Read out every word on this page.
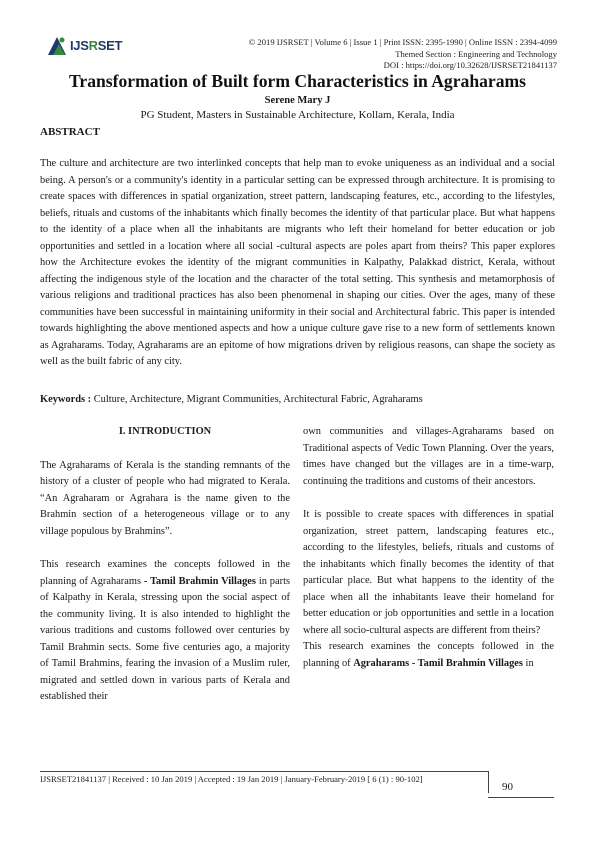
IJSRSET	© 2019 IJSRSET | Volume 6 | Issue 1 | Print ISSN: 2395-1990 | Online ISSN : 2394-4099
Themed Section : Engineering and Technology
DOI : https://doi.org/10.32628/IJSRSET21841137
Transformation of Built form Characteristics in Agraharams
Serene Mary J
PG Student, Masters in Sustainable Architecture, Kollam, Kerala, India
ABSTRACT

The culture and architecture are two interlinked concepts that help man to evoke uniqueness as an individual and a social being. A person's or a community's identity in a particular setting can be expressed through architecture. It is promising to create spaces with differences in spatial organization, street pattern, landscaping features, etc., according to the lifestyles, beliefs, rituals and customs of the inhabitants which finally becomes the identity of that particular place. But what happens to the identity of a place when all the inhabitants are migrants who left their homeland for better education or job opportunities and settled in a location where all social -cultural aspects are poles apart from theirs? This paper explores how the Architecture evokes the identity of the migrant communities in Kalpathy, Palakkad district, Kerala, without affecting the indigenous style of the location and the character of the total setting. This synthesis and metamorphosis of various religions and traditional practices has also been phenomenal in shaping our cities. Over the ages, many of these communities have been successful in maintaining uniformity in their social and Architectural fabric. This paper is intended towards highlighting the above mentioned aspects and how a unique culture gave rise to a new form of settlements known as Agraharams. Today, Agraharams are an epitome of how migrations driven by religious reasons, can shape the society as well as the built fabric of any city.

Keywords : Culture, Architecture, Migrant Communities, Architectural Fabric, Agraharams
I. INTRODUCTION

The Agraharams of Kerala is the standing remnants of the history of a cluster of people who had migrated to Kerala. “An Agraharam or Agrahara is the name given to the Brahmin section of a heterogeneous village or to any village populous by Brahmins”.

This research examines the concepts followed in the planning of Agraharams - Tamil Brahmin Villages in parts of Kalpathy in Kerala, stressing upon the social aspect of the community living. It is also intended to highlight the various traditions and customs followed over centuries by Tamil Brahmin sects. Some five centuries ago, a majority of Tamil Brahmins, fearing the invasion of a Muslim ruler, migrated and settled down in various parts of Kerala and established their

own communities and villages-Agraharams based on Traditional aspects of Vedic Town Planning. Over the years, times have changed but the villages are in a time-warp, continuing the traditions and customs of their ancestors.

It is possible to create spaces with differences in spatial organization, street pattern, landscaping features etc., according to the lifestyles, beliefs, rituals and customs of the inhabitants which finally becomes the identity of that particular place. But what happens to the identity of the place when all the inhabitants leave their homeland for better education or job opportunities and settle in a location where all socio-cultural aspects are different from theirs?

This research examines the concepts followed in the planning of Agraharams - Tamil Brahmin Villages in

IJSRSET21841137 | Received : 10 Jan 2019 | Accepted : 19 Jan 2019 | January-February-2019 [ 6 (1) : 90-102]
90
